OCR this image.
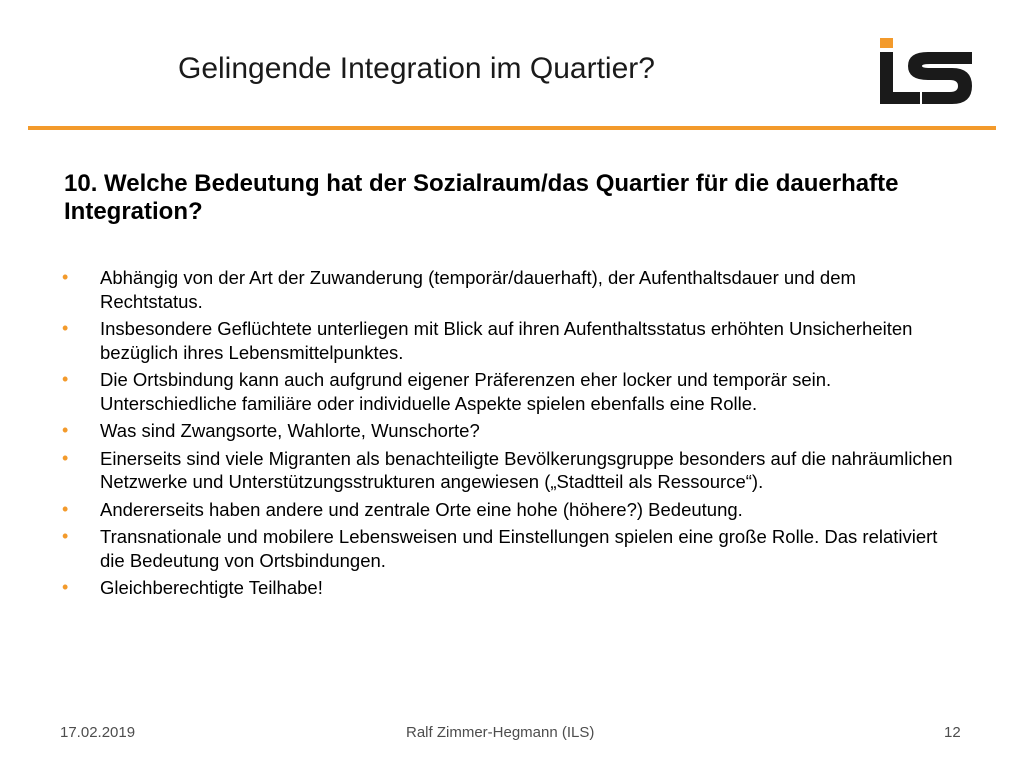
Gelingende Integration im Quartier?
10. Welche Bedeutung hat der Sozialraum/das Quartier für die dauerhafte Integration?
• Abhängig von der Art der Zuwanderung (temporär/dauerhaft), der Aufenthaltsdauer und dem Rechtstatus.
• Insbesondere Geflüchtete unterliegen mit Blick auf ihren Aufenthaltsstatus erhöhten Unsicherheiten bezüglich ihres Lebensmittelpunktes.
• Die Ortsbindung kann auch aufgrund eigener Präferenzen eher locker und temporär sein. Unterschiedliche familiäre oder individuelle Aspekte spielen ebenfalls eine Rolle.
• Was sind Zwangsorte, Wahlorte, Wunschorte?
• Einerseits sind viele Migranten als benachteiligte Bevölkerungsgruppe besonders auf die nahräumlichen Netzwerke und Unterstützungsstrukturen angewiesen („Stadtteil als Ressource“).
• Andererseits haben andere und zentrale Orte eine hohe (höhere?) Bedeutung.
• Transnationale und mobilere Lebensweisen und Einstellungen spielen eine große Rolle. Das relativiert die Bedeutung von Ortsbindungen.
• Gleichberechtigte Teilhabe!
17.02.2019	Ralf Zimmer-Hegmann (ILS)	12
